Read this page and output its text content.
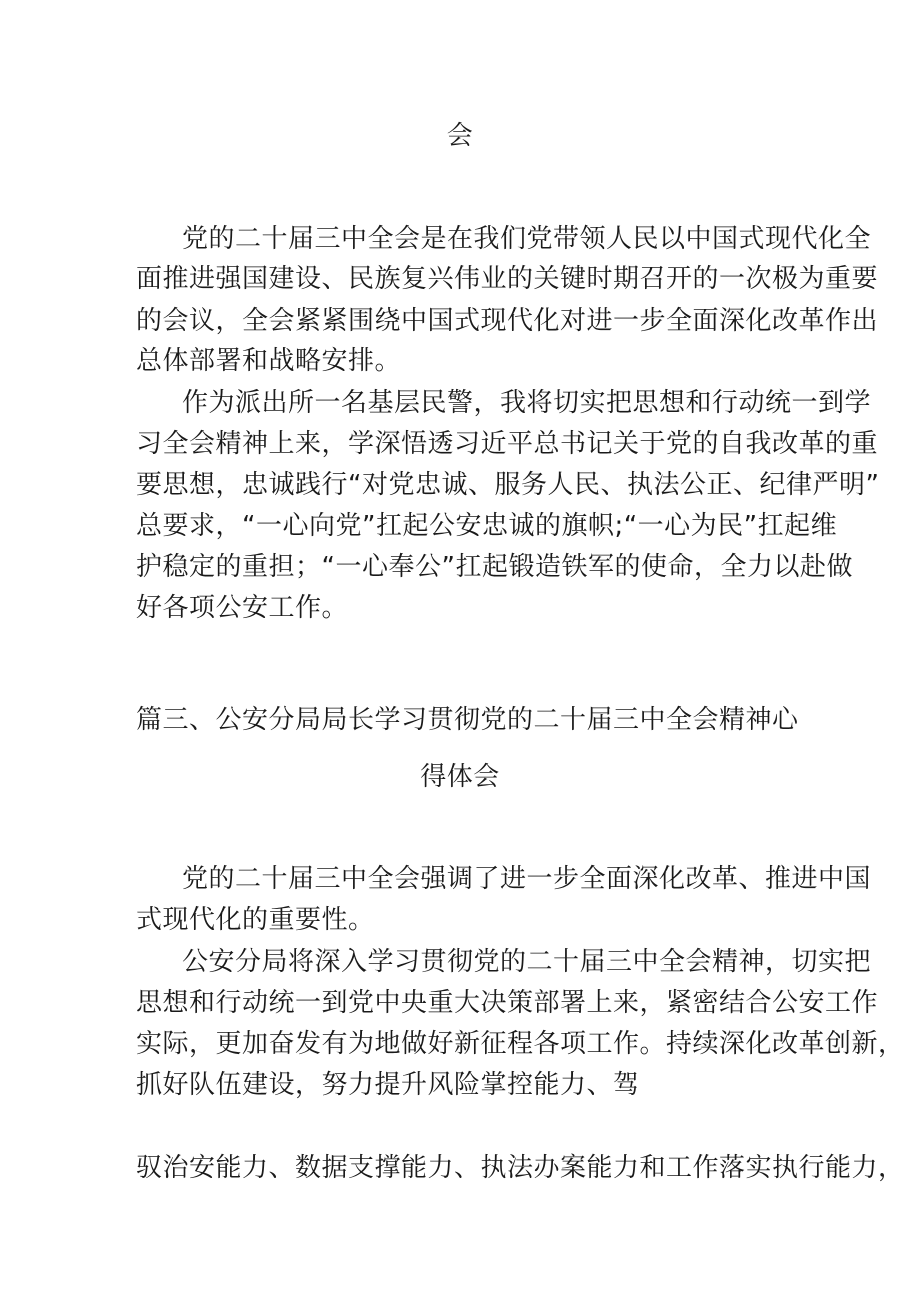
会
党的二十届三中全会是在我们党带领人民以中国式现代化全
面推进强国建设、民族复兴伟业的关键时期召开的一次极为重要
的会议，全会紧紧围绕中国式现代化对进一步全面深化改革作出
总体部署和战略安排。
作为派出所一名基层民警，我将切实把思想和行动统一到学
习全会精神上来，学深悟透习近平总书记关于党的自我改革的重
要思想，忠诚践行“对党忠诚、服务人民、执法公正、纪律严明”
总要求，“一心向党”扛起公安忠诚的旗帜;“一心为民”扛起维
护稳定的重担；“一心奉公”扛起锻造铁军的使命，全力以赴做
好各项公安工作。
篇三、公安分局局长学习贯彻党的二十届三中全会精神心
得体会
党的二十届三中全会强调了进一步全面深化改革、推进中国
式现代化的重要性。
公安分局将深入学习贯彻党的二十届三中全会精神，切实把
思想和行动统一到党中央重大决策部署上来，紧密结合公安工作
实际，更加奋发有为地做好新征程各项工作。持续深化改革创新，
抓好队伍建设，努力提升风险掌控能力、驾
驭治安能力、数据支撑能力、执法办案能力和工作落实执行能力，
